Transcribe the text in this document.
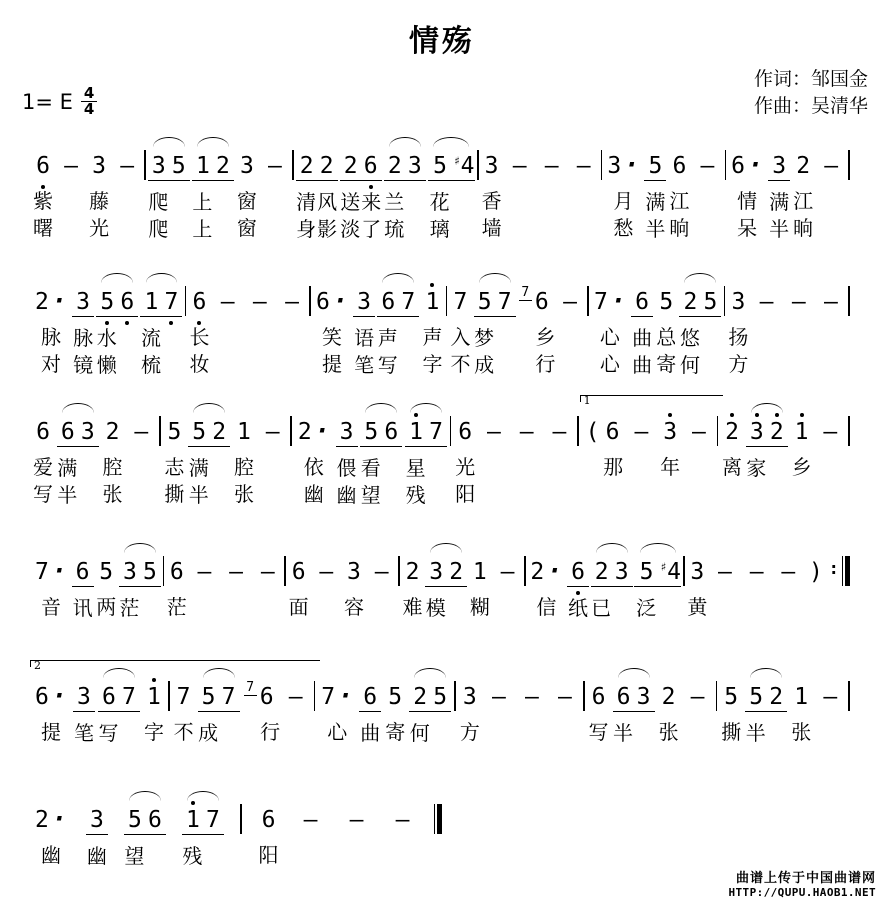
情殇
作词：邹国金
作曲：吴清华
1= E $\frac{4}{4}$
6
紫
曙
— 3
藤
光
— 3 5
爬
爬
1 2
上
上
3
窗
窗
— 2 2
清 风
身 影
2 6
送 来
淡 了
2 3
兰
琉
5 ♯4
花
璃
3
香
墙
— — — 3 ·
月
愁
5
满
半
6
江
晌
— 6 ·
情
呆
3
满
半
2
江
晌
—
2 ·
脉
对
3
脉
镜
5 6
水
懒
1 7
流
梳
6
长
妆
— — — 6 ·
笑
提
3
语
笔
6 7
声
写
1
声
字
7
入
不
5 7
梦
成
7 6
乡
行
— 7 ·
心
心
6
曲
曲
5
总
寄
2 5
悠
何
3
扬
方
— — —
6
爱
写
6 3
满
半
2
腔
张
— 5
志
撕
5 2
满
半
1
腔
张
— 2 ·
依
幽
3
偎
幽
5 6
看
望
1 7
星
残
6
光
阳
— — — ( 6
那
1
— 3
年
— 2
离
3 2
家
1
乡
—
7 ·
音
6
讯
5
两
3 5
茫
6
茫
— — — 6
面
— 3
容
— 2
难
3 2
模
1
糊
— 2 ·
信
6
纸
2 3
已
5 ♯4
泛
3
黄
— — — ) :
6 ·
提
2
3
笔
6 7
写
1
字
7
不
5 7
成
7 6
行
— 7 ·
心
6
曲
5
寄
2 5
何
3
方
— — — 6
写
6 3
半
2
张
— 5
撕
5 2
半
1
张
—
2 ·
幽
3
幽
5 6
望
1 7
残
6
阳
—	—	—
曲谱上传于中国曲谱网
HTTP://QUPU.HAOB1.NET
